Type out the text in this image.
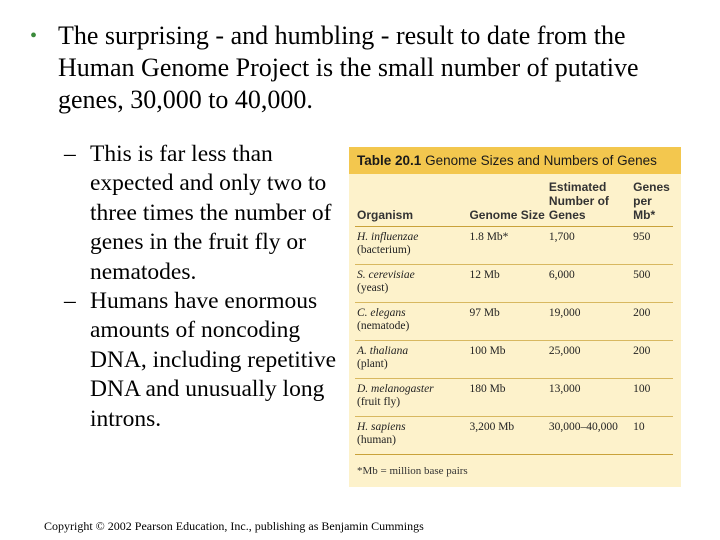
• The surprising - and humbling - result to date from the Human Genome Project is the small number of putative genes, 30,000 to 40,000.
– This is far less than expected and only two to three times the number of genes in the fruit fly or nematodes.
– Humans have enormous amounts of noncoding DNA, including repetitive DNA and unusually long introns.
Table 20.1 Genome Sizes and Numbers of Genes
Organism	Genome Size	Estimated Number of Genes	Genes per Mb*

H. influenzae
(bacterium)	1.8 Mb*	1,700	950

S. cerevisiae
(yeast)	12 Mb	6,000	500

C. elegans
(nematode)	97 Mb	19,000	200

A. thaliana
(plant)	100 Mb	25,000	200

D. melanogaster
(fruit fly)	180 Mb	13,000	100

H. sapiens
(human)	3,200 Mb	30,000–40,000	10
*Mb = million base pairs
Copyright © 2002 Pearson Education, Inc., publishing as Benjamin Cummings
